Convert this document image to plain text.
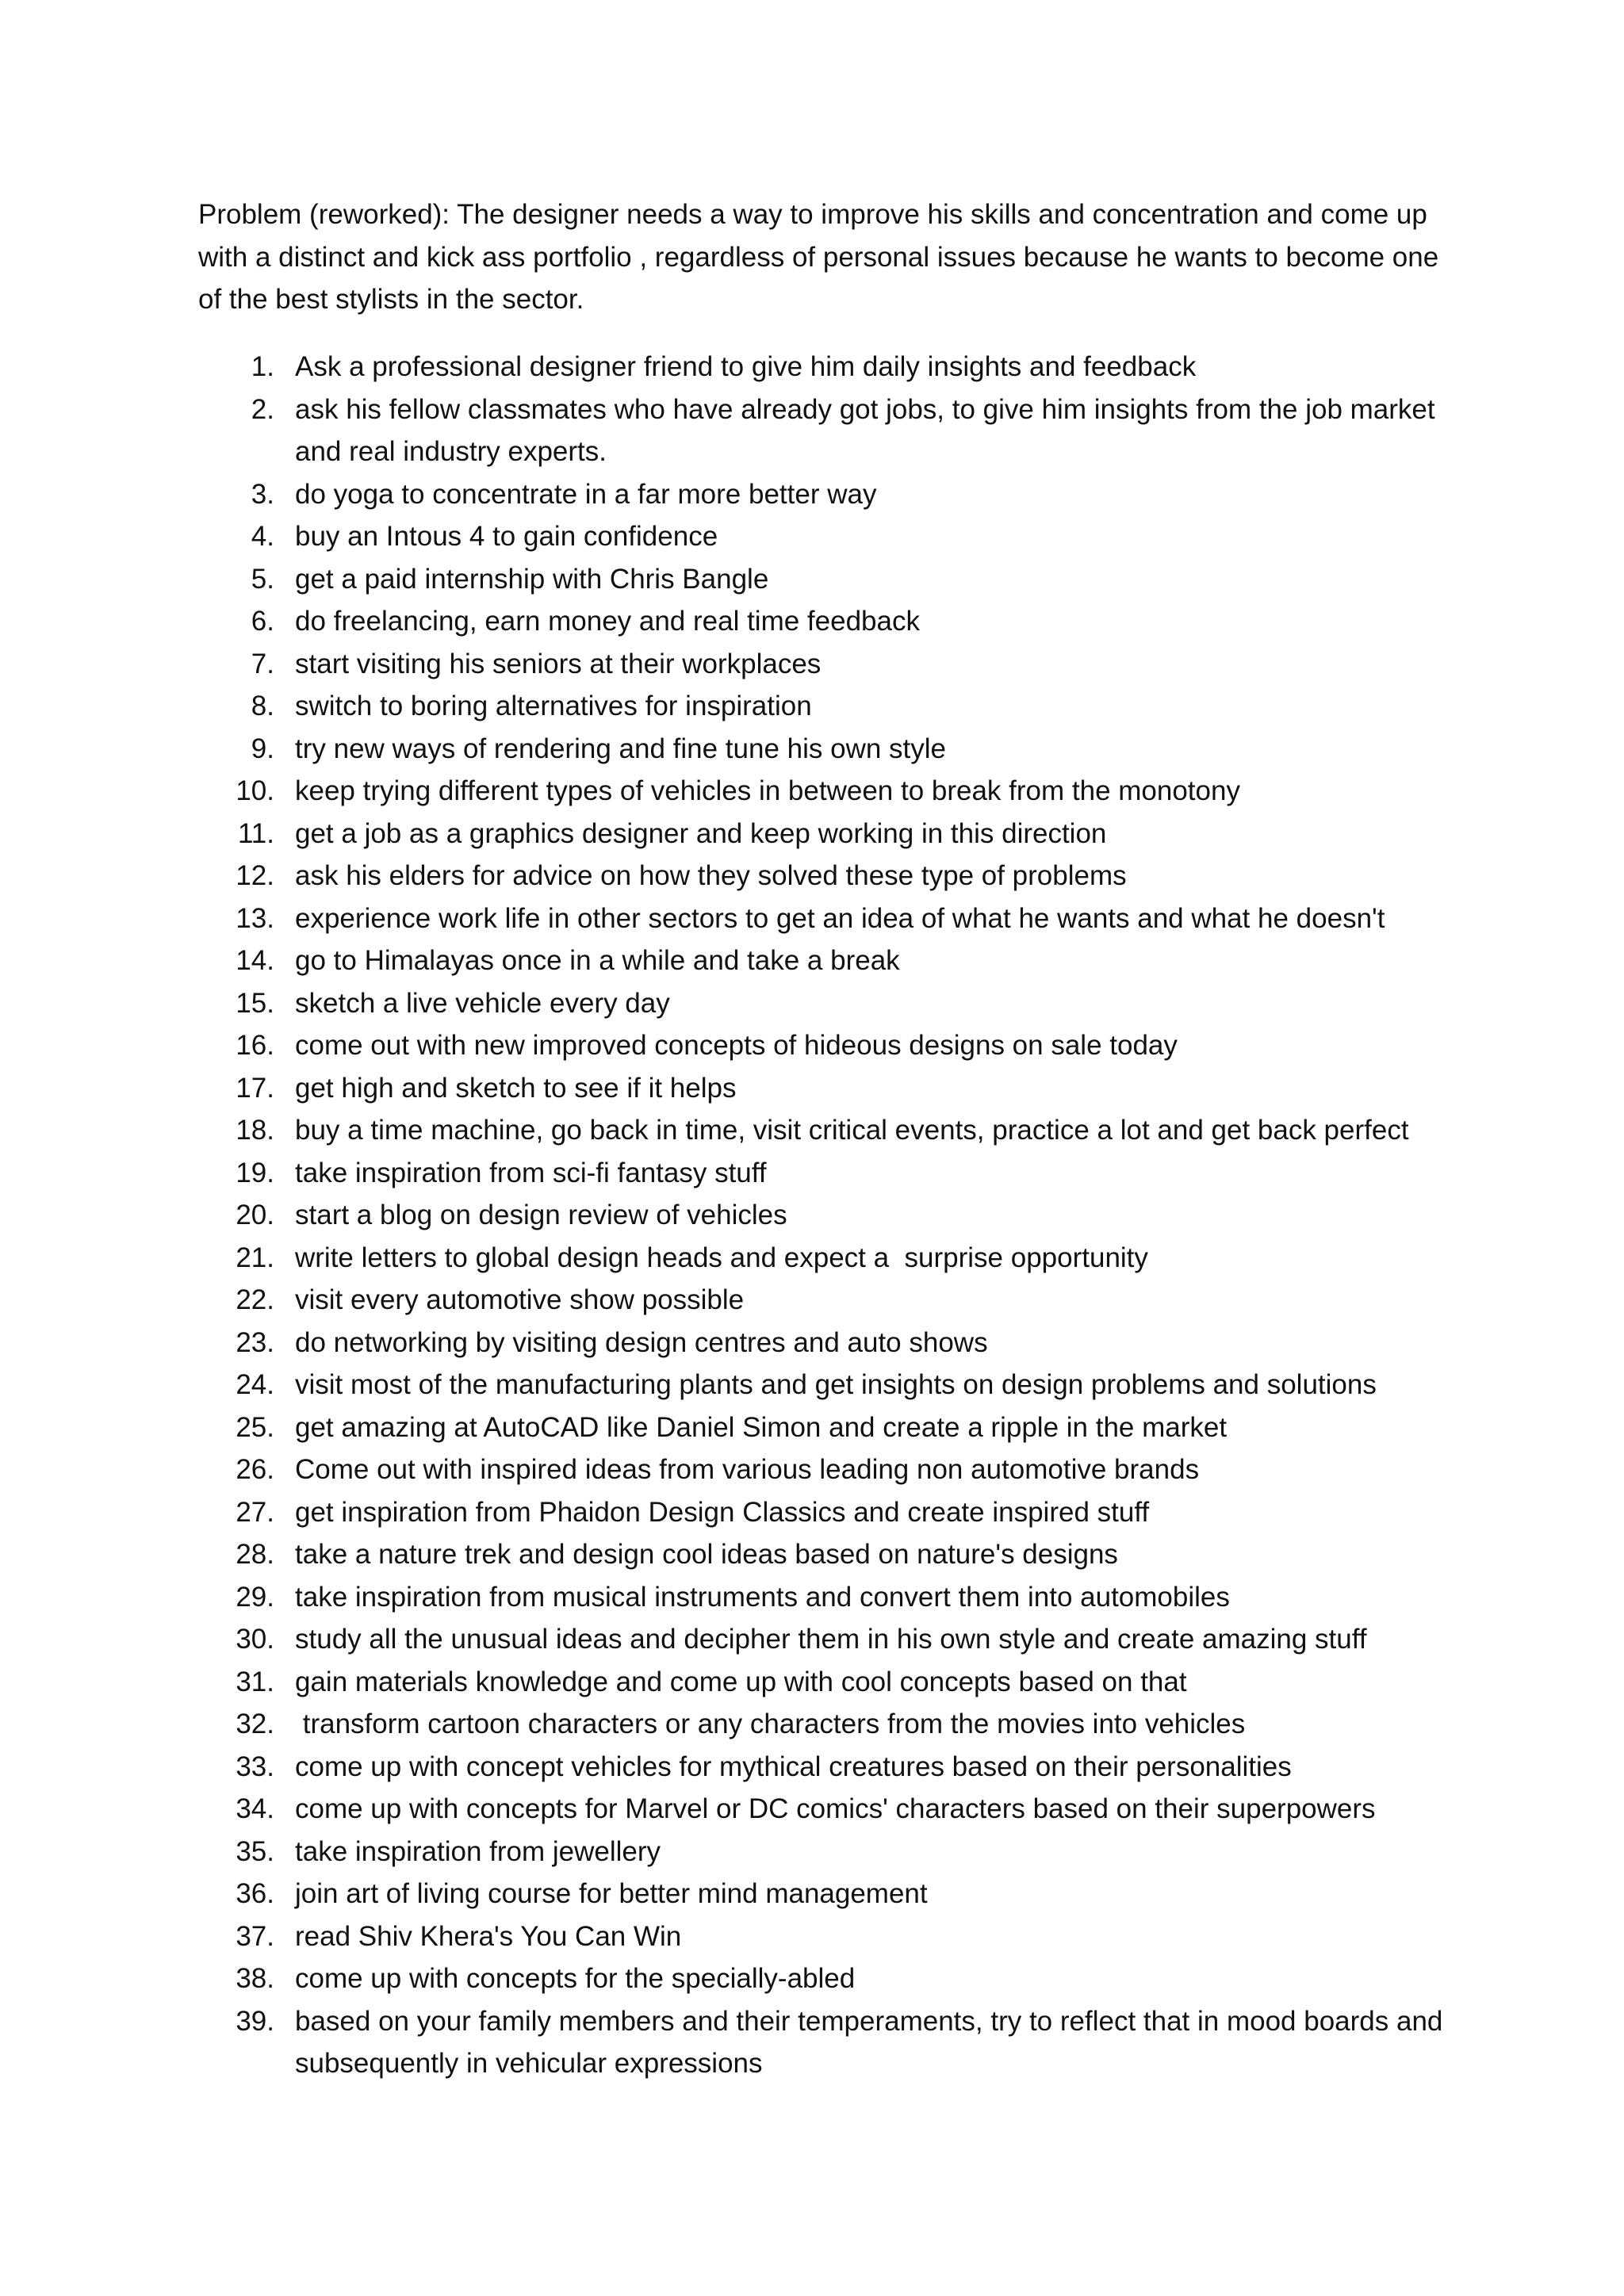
Problem (reworked): The designer needs a way to improve his skills and concentration and come up with a distinct and kick ass portfolio , regardless of personal issues because he wants to become one of the best stylists in the sector.

1. Ask a professional designer friend to give him daily insights and feedback
2. ask his fellow classmates who have already got jobs, to give him insights from the job market and real industry experts.
3. do yoga to concentrate in a far more better way
4. buy an Intous 4 to gain confidence
5. get a paid internship with Chris Bangle
6. do freelancing, earn money and real time feedback
7. start visiting his seniors at their workplaces
8. switch to boring alternatives for inspiration
9. try new ways of rendering and fine tune his own style
10. keep trying different types of vehicles in between to break from the monotony
11. get a job as a graphics designer and keep working in this direction
12. ask his elders for advice on how they solved these type of problems
13. experience work life in other sectors to get an idea of what he wants and what he doesn't
14. go to Himalayas once in a while and take a break
15. sketch a live vehicle every day
16. come out with new improved concepts of hideous designs on sale today
17. get high and sketch to see if it helps
18. buy a time machine, go back in time, visit critical events, practice a lot and get back perfect
19. take inspiration from sci-fi fantasy stuff
20. start a blog on design review of vehicles
21. write letters to global design heads and expect a  surprise opportunity
22. visit every automotive show possible
23. do networking by visiting design centres and auto shows
24. visit most of the manufacturing plants and get insights on design problems and solutions
25. get amazing at AutoCAD like Daniel Simon and create a ripple in the market
26. Come out with inspired ideas from various leading non automotive brands
27. get inspiration from Phaidon Design Classics and create inspired stuff
28. take a nature trek and design cool ideas based on nature's designs
29. take inspiration from musical instruments and convert them into automobiles
30. study all the unusual ideas and decipher them in his own style and create amazing stuff
31. gain materials knowledge and come up with cool concepts based on that
32. transform cartoon characters or any characters from the movies into vehicles
33. come up with concept vehicles for mythical creatures based on their personalities
34. come up with concepts for Marvel or DC comics' characters based on their superpowers
35. take inspiration from jewellery
36. join art of living course for better mind management
37. read Shiv Khera's You Can Win
38. come up with concepts for the specially-abled
39. based on your family members and their temperaments, try to reflect that in mood boards and subsequently in vehicular expressions
